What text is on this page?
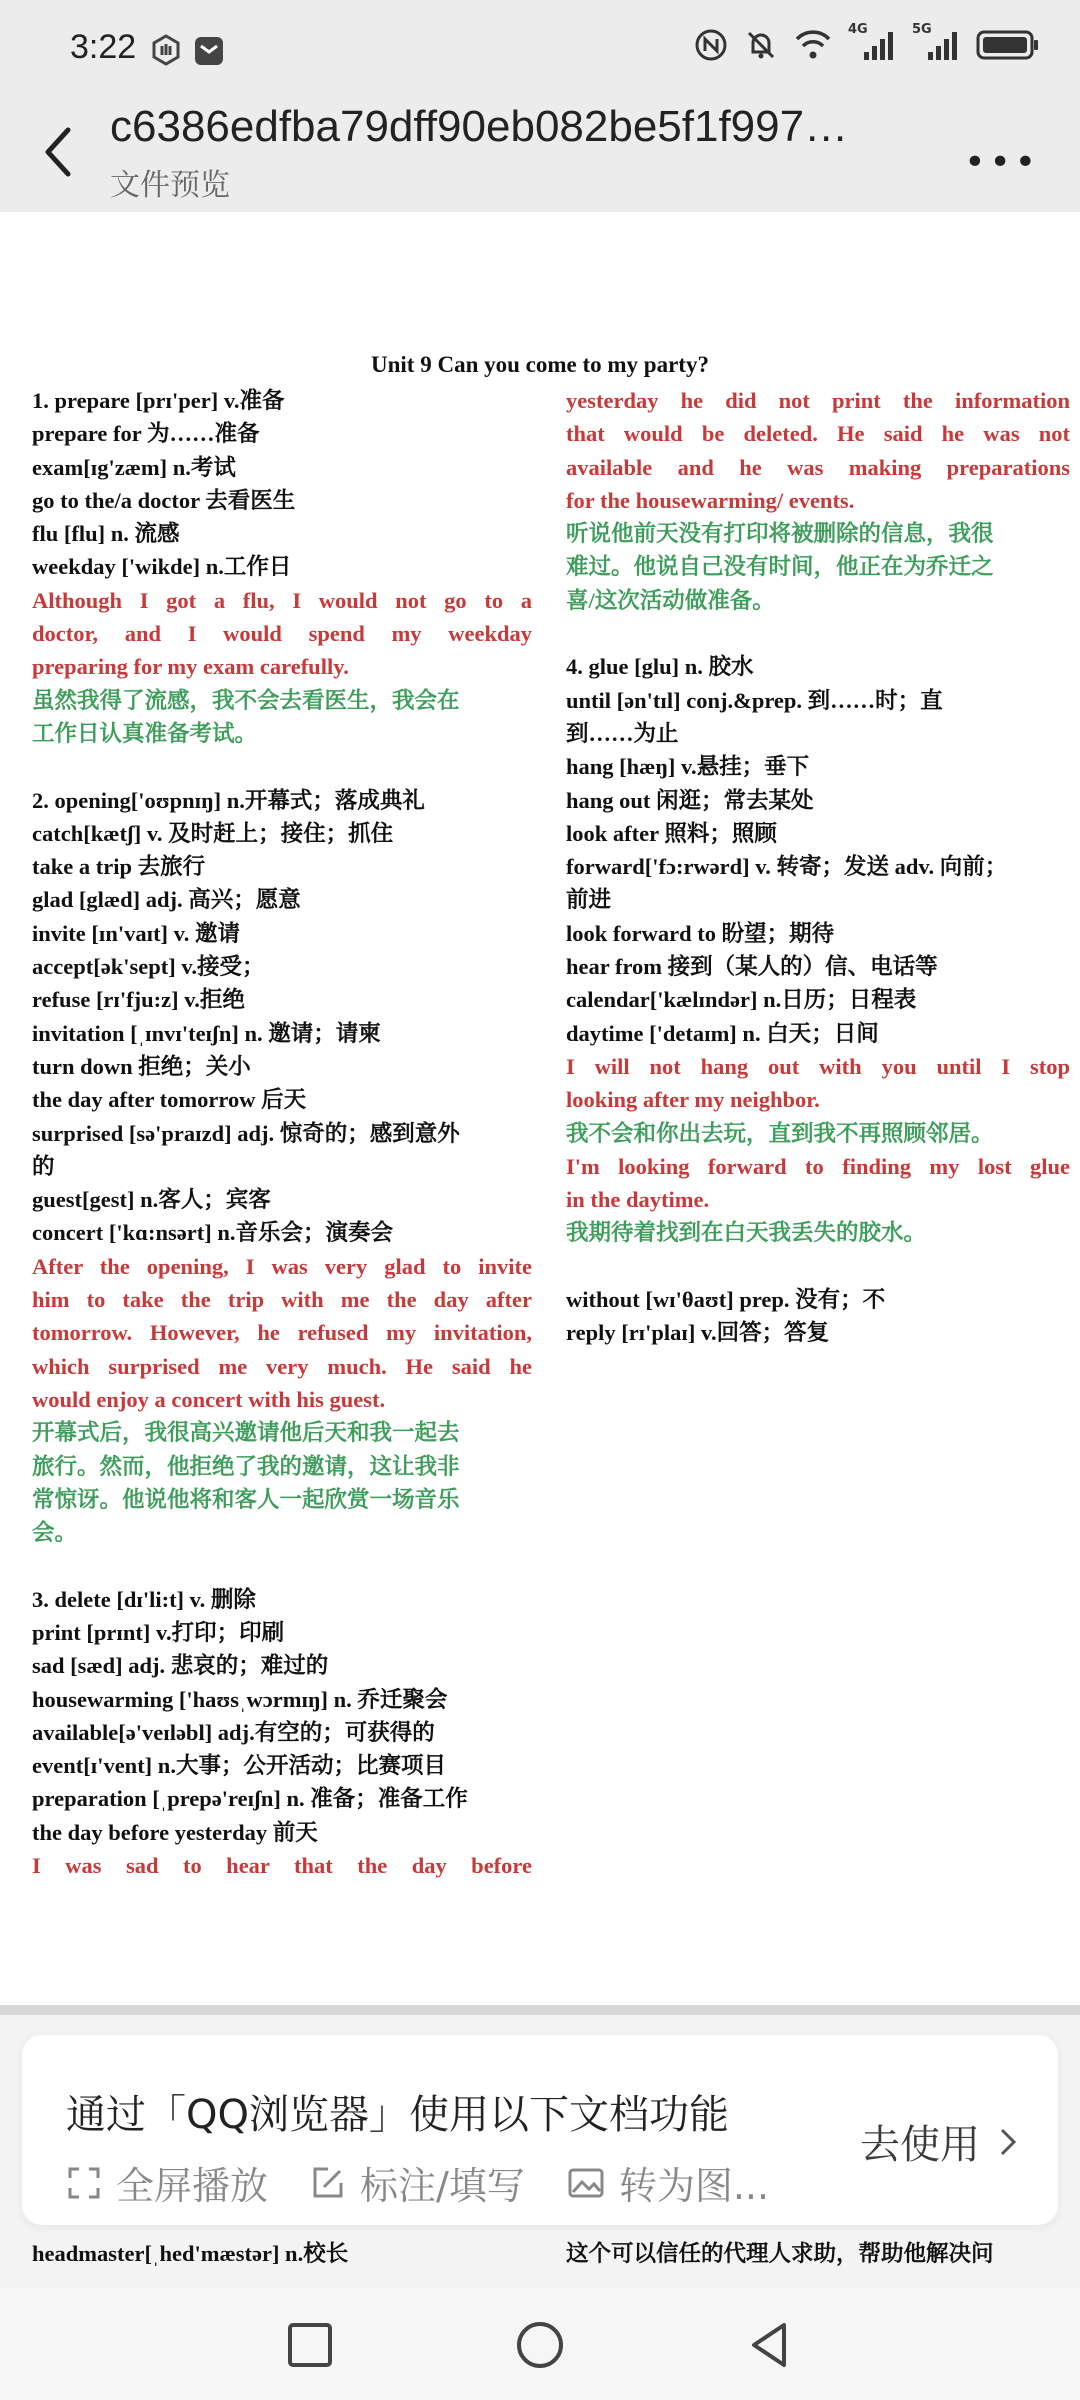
3:22	4G	5G
c6386edfba79dff90eb082be5f1f997…
文件预览
•••
Unit 9 Can you come to my party?
1. prepare [prɪ'per] v.准备
prepare for 为……准备
exam[ɪg'zæm] n.考试
go to the/a doctor 去看医生
flu [flu] n. 流感
weekday ['wikde] n.工作日
Although I got a flu, I would not go to a
doctor, and I would spend my weekday
preparing for my exam carefully.
虽然我得了流感，我不会去看医生，我会在
工作日认真准备考试。
2. opening['oʊpnɪŋ] n.开幕式；落成典礼
catch[kætʃ] v. 及时赶上；接住；抓住
take a trip 去旅行
glad [glæd] adj. 高兴；愿意
invite [ɪn'vaɪt] v. 邀请
accept[ək'sept] v.接受；
refuse [rɪ'fju:z] v.拒绝
invitation [ˌɪnvɪ'teɪʃn] n. 邀请；请柬
turn down 拒绝；关小
the day after tomorrow 后天
surprised [sə'praɪzd] adj. 惊奇的；感到意外
的
guest[gest] n.客人；宾客
concert ['kɑ:nsərt] n.音乐会；演奏会
After the opening, I was very glad to invite
him to take the trip with me the day after
tomorrow. However, he refused my invitation,
which surprised me very much. He said he
would enjoy a concert with his guest.
开幕式后，我很高兴邀请他后天和我一起去
旅行。然而，他拒绝了我的邀请，这让我非
常惊讶。他说他将和客人一起欣赏一场音乐
会。
3. delete [dɪ'li:t] v. 删除
print [prɪnt] v.打印；印刷
sad [sæd] adj. 悲哀的；难过的
housewarming ['haʊsˌwɔrmɪŋ] n. 乔迁聚会
available[ə'veɪləbl] adj.有空的；可获得的
event[ɪ'vent] n.大事；公开活动；比赛项目
preparation [ˌprepə'reɪʃn] n. 准备；准备工作
the day before yesterday 前天
I was sad to hear that the day before
yesterday he did not print the information
that would be deleted. He said he was not
available and he was making preparations
for the housewarming/ events.
听说他前天没有打印将被删除的信息，我很
难过。他说自己没有时间，他正在为乔迁之
喜/这次活动做准备。
4. glue [glu] n. 胶水
until [ən'tɪl] conj.&prep. 到……时；直
到……为止
hang [hæŋ] v.悬挂；垂下
hang out 闲逛；常去某处
look after 照料；照顾
forward['fɔ:rwərd] v. 转寄；发送 adv. 向前；
前进
look forward to 盼望；期待
hear from 接到（某人的）信、电话等
calendar['kælɪndər] n.日历；日程表
daytime ['detaɪm] n. 白天；日间
I will not hang out with you until I stop
looking after my neighbor.
我不会和你出去玩，直到我不再照顾邻居。
I'm looking forward to finding my lost glue
in the daytime.
我期待着找到在白天我丢失的胶水。
without [wɪ'θaʊt] prep. 没有；不
reply [rɪ'plaɪ] v.回答；答复
headmaster[ˌhed'mæstər] n.校长	这个可以信任的代理人求助，帮助他解决问
通过「QQ浏览器」使用以下文档功能
全屏播放 标注/填写 转为图...
去使用
